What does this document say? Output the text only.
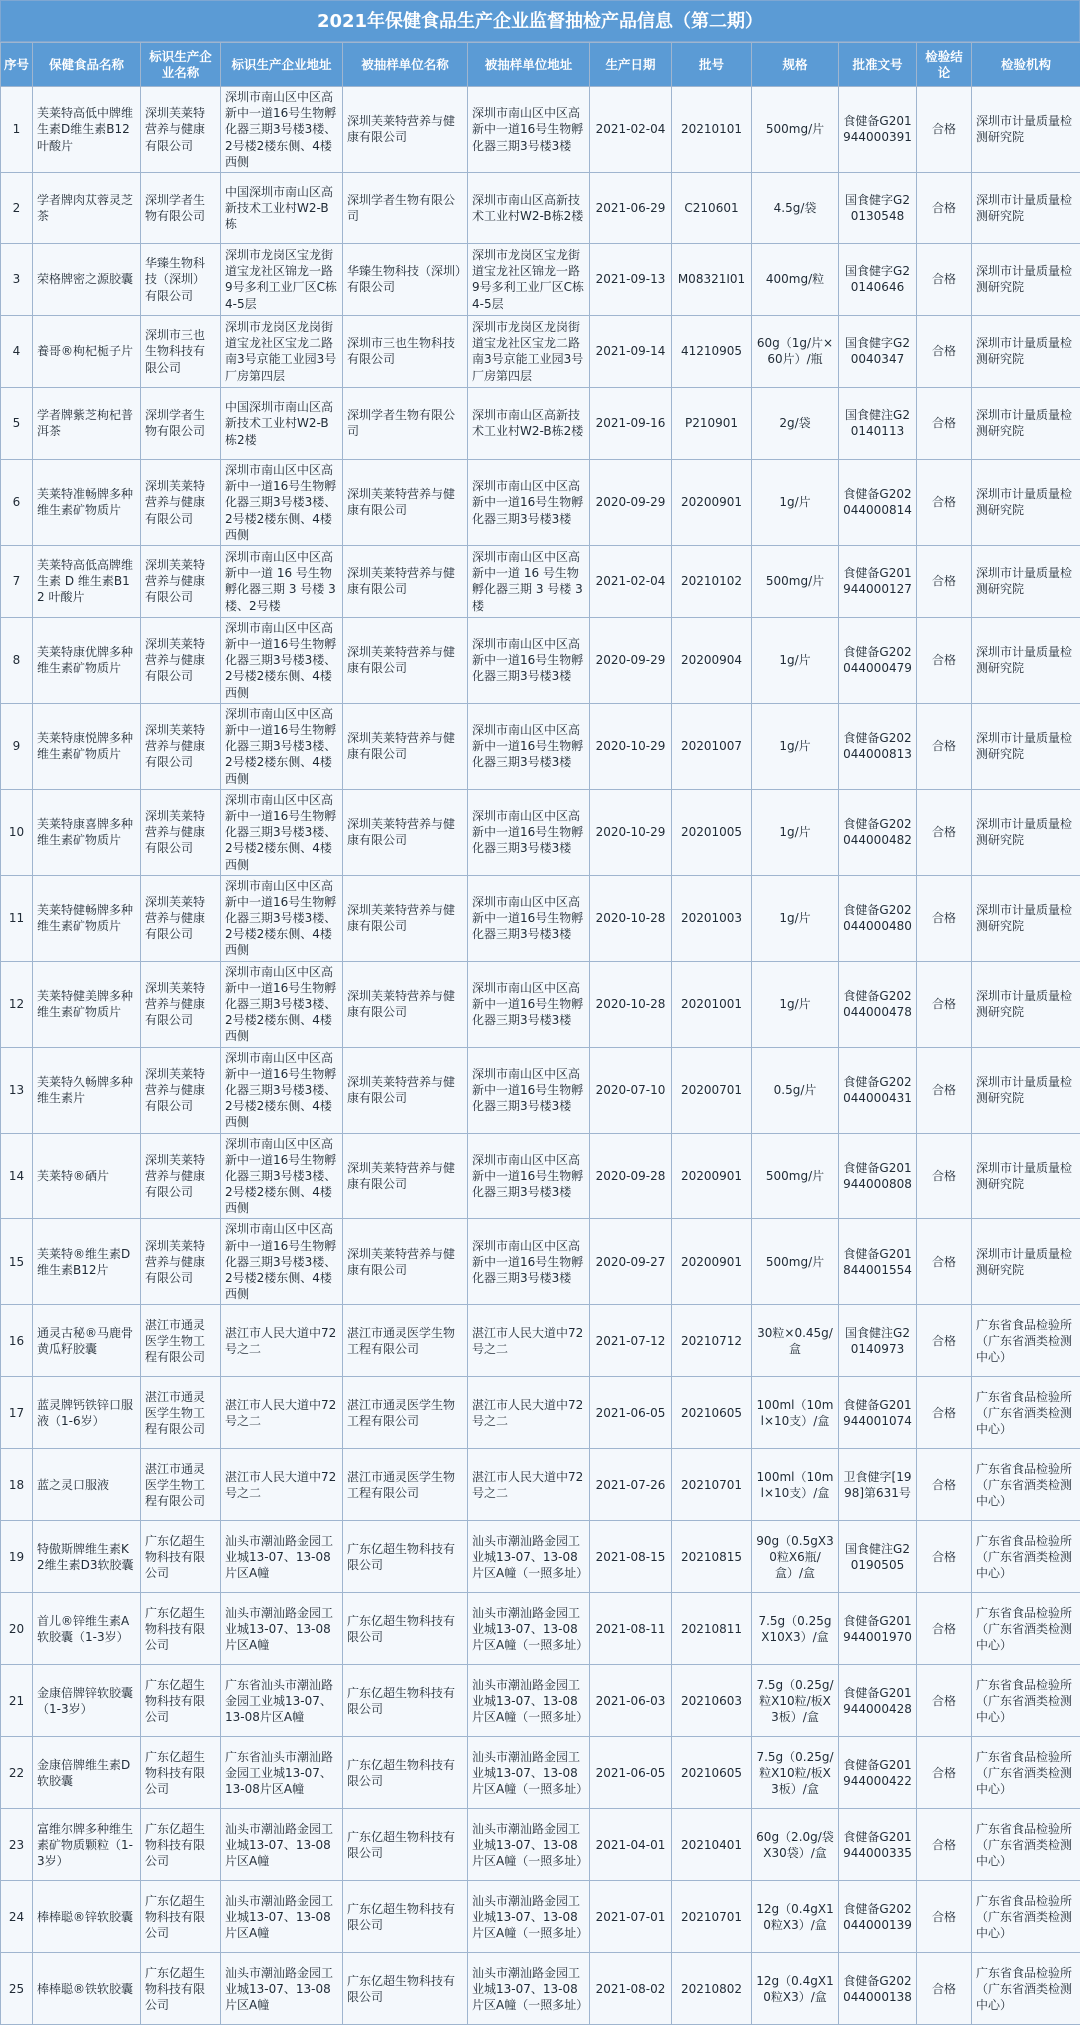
2021年保健食品生产企业监督抽检产品信息（第二期）
序号	保健食品名称	标识生产企业名称	标识生产企业地址	被抽样单位名称	被抽样单位地址	生产日期	批号	规格	批准文号	检验结论	检验机构
1	芙莱特高低中牌维生素D维生素B12叶酸片	深圳芙莱特营养与健康有限公司	深圳市南山区中区高新中一道16号生物孵化器三期3号楼3楼、2号楼2楼东侧、4楼西侧	深圳芙莱特营养与健康有限公司	深圳市南山区中区高新中一道16号生物孵化器三期3号楼3楼	2021-02-04	20210101	500mg/片	食健备G201944000391	合格	深圳市计量质量检测研究院
2	学者牌肉苁蓉灵芝茶	深圳学者生物有限公司	中国深圳市南山区高新技术工业村W2-B栋	深圳学者生物有限公司	深圳市南山区高新技术工业村W2-B栋2楼	2021-06-29	C210601	4.5g/袋	国食健字G20130548	合格	深圳市计量质量检测研究院
3	荣格牌密之源胶囊	华臻生物科技（深圳）有限公司	深圳市龙岗区宝龙街道宝龙社区锦龙一路9号多利工业厂区C栋4-5层	华臻生物科技（深圳）有限公司	深圳市龙岗区宝龙街道宝龙社区锦龙一路9号多利工业厂区C栋4-5层	2021-09-13	M08321I01	400mg/粒	国食健字G20140646	合格	深圳市计量质量检测研究院
4	養哥®枸杞栀子片	深圳市三也生物科技有限公司	深圳市龙岗区龙岗街道宝龙社区宝龙二路南3号京能工业园3号厂房第四层	深圳市三也生物科技有限公司	深圳市龙岗区龙岗街道宝龙社区宝龙二路南3号京能工业园3号厂房第四层	2021-09-14	41210905	60g（1g/片×60片）/瓶	国食健字G20040347	合格	深圳市计量质量检测研究院
5	学者牌紫芝枸杞普洱茶	深圳学者生物有限公司	中国深圳市南山区高新技术工业村W2-B栋2楼	深圳学者生物有限公司	深圳市南山区高新技术工业村W2-B栋2楼	2021-09-16	P210901	2g/袋	国食健注G20140113	合格	深圳市计量质量检测研究院
6	芙莱特准畅牌多种维生素矿物质片	深圳芙莱特营养与健康有限公司	深圳市南山区中区高新中一道16号生物孵化器三期3号楼3楼、2号楼2楼东侧、4楼西侧	深圳芙莱特营养与健康有限公司	深圳市南山区中区高新中一道16号生物孵化器三期3号楼3楼	2020-09-29	20200901	1g/片	食健备G202044000814	合格	深圳市计量质量检测研究院
7	芙莱特高低高牌维生素 D 维生素B12 叶酸片	深圳芙莱特营养与健康有限公司	深圳市南山区中区高新中一道 16 号生物孵化器三期 3 号楼 3 楼、2号楼	深圳芙莱特营养与健康有限公司	深圳市南山区中区高新中一道 16 号生物孵化器三期 3 号楼 3 楼	2021-02-04	20210102	500mg/片	食健备G201944000127	合格	深圳市计量质量检测研究院
8	芙莱特康优牌多种维生素矿物质片	深圳芙莱特营养与健康有限公司	深圳市南山区中区高新中一道16号生物孵化器三期3号楼3楼、2号楼2楼东侧、4楼西侧	深圳芙莱特营养与健康有限公司	深圳市南山区中区高新中一道16号生物孵化器三期3号楼3楼	2020-09-29	20200904	1g/片	食健备G202044000479	合格	深圳市计量质量检测研究院
9	芙莱特康悦牌多种维生素矿物质片	深圳芙莱特营养与健康有限公司	深圳市南山区中区高新中一道16号生物孵化器三期3号楼3楼、2号楼2楼东侧、4楼西侧	深圳芙莱特营养与健康有限公司	深圳市南山区中区高新中一道16号生物孵化器三期3号楼3楼	2020-10-29	20201007	1g/片	食健备G202044000813	合格	深圳市计量质量检测研究院
10	芙莱特康喜牌多种维生素矿物质片	深圳芙莱特营养与健康有限公司	深圳市南山区中区高新中一道16号生物孵化器三期3号楼3楼、2号楼2楼东侧、4楼西侧	深圳芙莱特营养与健康有限公司	深圳市南山区中区高新中一道16号生物孵化器三期3号楼3楼	2020-10-29	20201005	1g/片	食健备G202044000482	合格	深圳市计量质量检测研究院
11	芙莱特健畅牌多种维生素矿物质片	深圳芙莱特营养与健康有限公司	深圳市南山区中区高新中一道16号生物孵化器三期3号楼3楼、2号楼2楼东侧、4楼西侧	深圳芙莱特营养与健康有限公司	深圳市南山区中区高新中一道16号生物孵化器三期3号楼3楼	2020-10-28	20201003	1g/片	食健备G202044000480	合格	深圳市计量质量检测研究院
12	芙莱特健美牌多种维生素矿物质片	深圳芙莱特营养与健康有限公司	深圳市南山区中区高新中一道16号生物孵化器三期3号楼3楼、2号楼2楼东侧、4楼西侧	深圳芙莱特营养与健康有限公司	深圳市南山区中区高新中一道16号生物孵化器三期3号楼3楼	2020-10-28	20201001	1g/片	食健备G202044000478	合格	深圳市计量质量检测研究院
13	芙莱特久畅牌多种维生素片	深圳芙莱特营养与健康有限公司	深圳市南山区中区高新中一道16号生物孵化器三期3号楼3楼、2号楼2楼东侧、4楼西侧	深圳芙莱特营养与健康有限公司	深圳市南山区中区高新中一道16号生物孵化器三期3号楼3楼	2020-07-10	20200701	0.5g/片	食健备G202044000431	合格	深圳市计量质量检测研究院
14	芙莱特®硒片	深圳芙莱特营养与健康有限公司	深圳市南山区中区高新中一道16号生物孵化器三期3号楼3楼、2号楼2楼东侧、4楼西侧	深圳芙莱特营养与健康有限公司	深圳市南山区中区高新中一道16号生物孵化器三期3号楼3楼	2020-09-28	20200901	500mg/片	食健备G201944000808	合格	深圳市计量质量检测研究院
15	芙莱特®维生素D维生素B12片	深圳芙莱特营养与健康有限公司	深圳市南山区中区高新中一道16号生物孵化器三期3号楼3楼、2号楼2楼东侧、4楼西侧	深圳芙莱特营养与健康有限公司	深圳市南山区中区高新中一道16号生物孵化器三期3号楼3楼	2020-09-27	20200901	500mg/片	食健备G201844001554	合格	深圳市计量质量检测研究院
16	通灵古秘®马鹿骨黄瓜籽胶囊	湛江市通灵医学生物工程有限公司	湛江市人民大道中72号之二	湛江市通灵医学生物工程有限公司	湛江市人民大道中72号之二	2021-07-12	20210712	30粒×0.45g/盒	国食健注G20140973	合格	广东省食品检验所（广东省酒类检测中心）
17	蓝灵牌钙铁锌口服液（1-6岁）	湛江市通灵医学生物工程有限公司	湛江市人民大道中72号之二	湛江市通灵医学生物工程有限公司	湛江市人民大道中72号之二	2021-06-05	20210605	100ml（10ml×10支）/盒	食健备G201944001074	合格	广东省食品检验所（广东省酒类检测中心）
18	蓝之灵口服液	湛江市通灵医学生物工程有限公司	湛江市人民大道中72号之二	湛江市通灵医学生物工程有限公司	湛江市人民大道中72号之二	2021-07-26	20210701	100ml（10ml×10支）/盒	卫食健字[1998]第631号	合格	广东省食品检验所（广东省酒类检测中心）
19	特傲斯牌维生素K2维生素D3软胶囊	广东亿超生物科技有限公司	汕头市潮汕路金园工业城13-07、13-08片区A幢	广东亿超生物科技有限公司	汕头市潮汕路金园工业城13-07、13-08片区A幢（一照多址）	2021-08-15	20210815	90g（0.5gX30粒X6瓶/盒）/盒	国食健注G20190505	合格	广东省食品检验所（广东省酒类检测中心）
20	首儿®锌维生素A软胶囊（1-3岁）	广东亿超生物科技有限公司	汕头市潮汕路金园工业城13-07、13-08片区A幢	广东亿超生物科技有限公司	汕头市潮汕路金园工业城13-07、13-08片区A幢（一照多址）	2021-08-11	20210811	7.5g（0.25gX10X3）/盒	食健备G201944001970	合格	广东省食品检验所（广东省酒类检测中心）
21	金康倍牌锌软胶囊（1-3岁）	广东亿超生物科技有限公司	广东省汕头市潮汕路金园工业城13-07、13-08片区A幢	广东亿超生物科技有限公司	汕头市潮汕路金园工业城13-07、13-08片区A幢（一照多址）	2021-06-03	20210603	7.5g（0.25g/粒X10粒/板X3板）/盒	食健备G201944000428	合格	广东省食品检验所（广东省酒类检测中心）
22	金康倍牌维生素D软胶囊	广东亿超生物科技有限公司	广东省汕头市潮汕路金园工业城13-07、13-08片区A幢	广东亿超生物科技有限公司	汕头市潮汕路金园工业城13-07、13-08片区A幢（一照多址）	2021-06-05	20210605	7.5g（0.25g/粒X10粒/板X3板）/盒	食健备G201944000422	合格	广东省食品检验所（广东省酒类检测中心）
23	富维尔牌多种维生素矿物质颗粒（1-3岁）	广东亿超生物科技有限公司	汕头市潮汕路金园工业城13-07、13-08片区A幢	广东亿超生物科技有限公司	汕头市潮汕路金园工业城13-07、13-08片区A幢（一照多址）	2021-04-01	20210401	60g（2.0g/袋X30袋）/盒	食健备G201944000335	合格	广东省食品检验所（广东省酒类检测中心）
24	棒棒聪®锌软胶囊	广东亿超生物科技有限公司	汕头市潮汕路金园工业城13-07、13-08片区A幢	广东亿超生物科技有限公司	汕头市潮汕路金园工业城13-07、13-08片区A幢（一照多址）	2021-07-01	20210701	12g（0.4gX10粒X3）/盒	食健备G202044000139	合格	广东省食品检验所（广东省酒类检测中心）
25	棒棒聪®铁软胶囊	广东亿超生物科技有限公司	汕头市潮汕路金园工业城13-07、13-08片区A幢	广东亿超生物科技有限公司	汕头市潮汕路金园工业城13-07、13-08片区A幢（一照多址）	2021-08-02	20210802	12g（0.4gX10粒X3）/盒	食健备G202044000138	合格	广东省食品检验所（广东省酒类检测中心）
